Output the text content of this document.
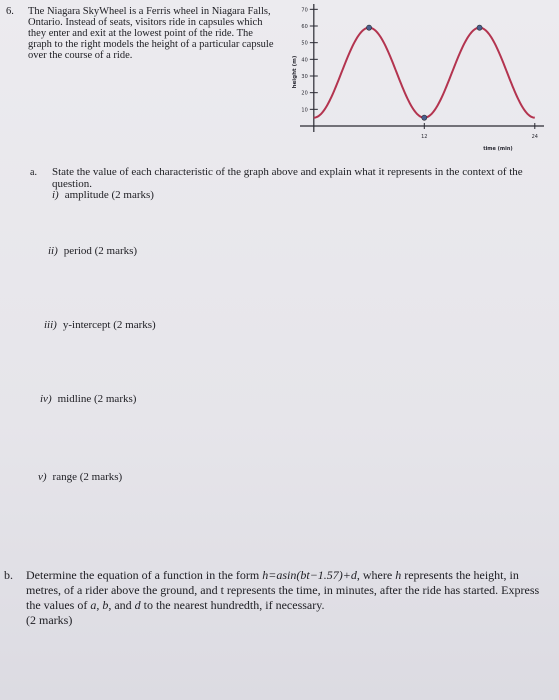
6. The Niagara SkyWheel is a Ferris wheel in Niagara Falls, Ontario. Instead of seats, visitors ride in capsules which they enter and exit at the lowest point of the ride. The graph to the right models the height of a particular capsule over the course of a ride.
10
20
30
40
50
60
70
12	24
height (m)
time (min)
a. State the value of each characteristic of the graph above and explain what it represents in the context of the question.
i) amplitude (2 marks)
ii) period (2 marks)
iii) y-intercept (2 marks)
iv) midline (2 marks)
v) range (2 marks)
b. Determine the equation of a function in the form h=asin(bt−1.57)+d, where h represents the height, in metres, of a rider above the ground, and t represents the time, in minutes, after the ride has started. Express the values of a, b, and d to the nearest hundredth, if necessary.
(2 marks)
